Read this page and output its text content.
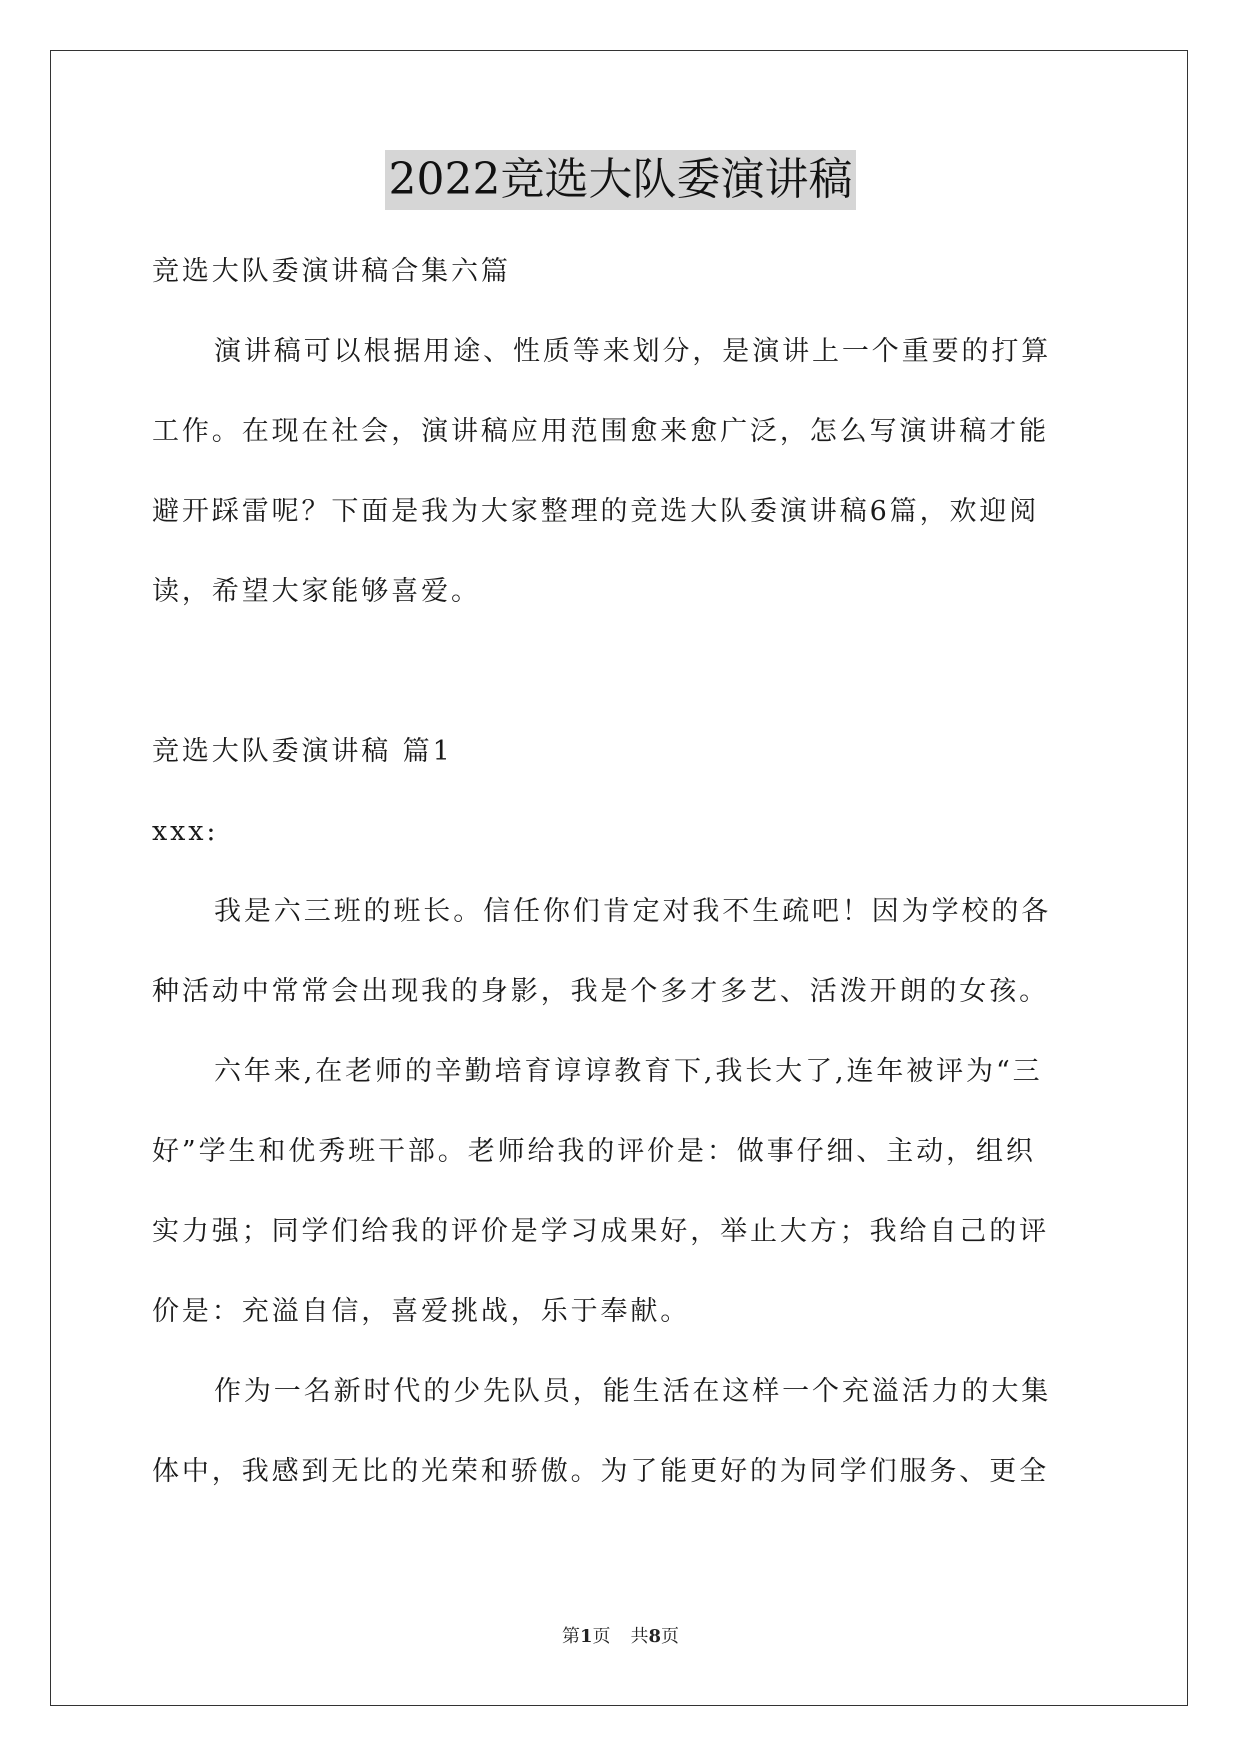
2022竞选大队委演讲稿
竞选大队委演讲稿合集六篇
演讲稿可以根据用途、性质等来划分，是演讲上一个重要的打算
工作。在现在社会，演讲稿应用范围愈来愈广泛，怎么写演讲稿才能
避开踩雷呢？下面是我为大家整理的竞选大队委演讲稿6篇，欢迎阅
读，希望大家能够喜爱。
竞选大队委演讲稿 篇1
xxx:
我是六三班的班长。信任你们肯定对我不生疏吧！因为学校的各
种活动中常常会出现我的身影，我是个多才多艺、活泼开朗的女孩。
六年来,在老师的辛勤培育谆谆教育下,我长大了,连年被评为“三
好”学生和优秀班干部。老师给我的评价是：做事仔细、主动，组织
实力强；同学们给我的评价是学习成果好，举止大方；我给自己的评
价是：充溢自信，喜爱挑战，乐于奉献。
作为一名新时代的少先队员，能生活在这样一个充溢活力的大集
体中，我感到无比的光荣和骄傲。为了能更好的为同学们服务、更全
第1页 共8页
